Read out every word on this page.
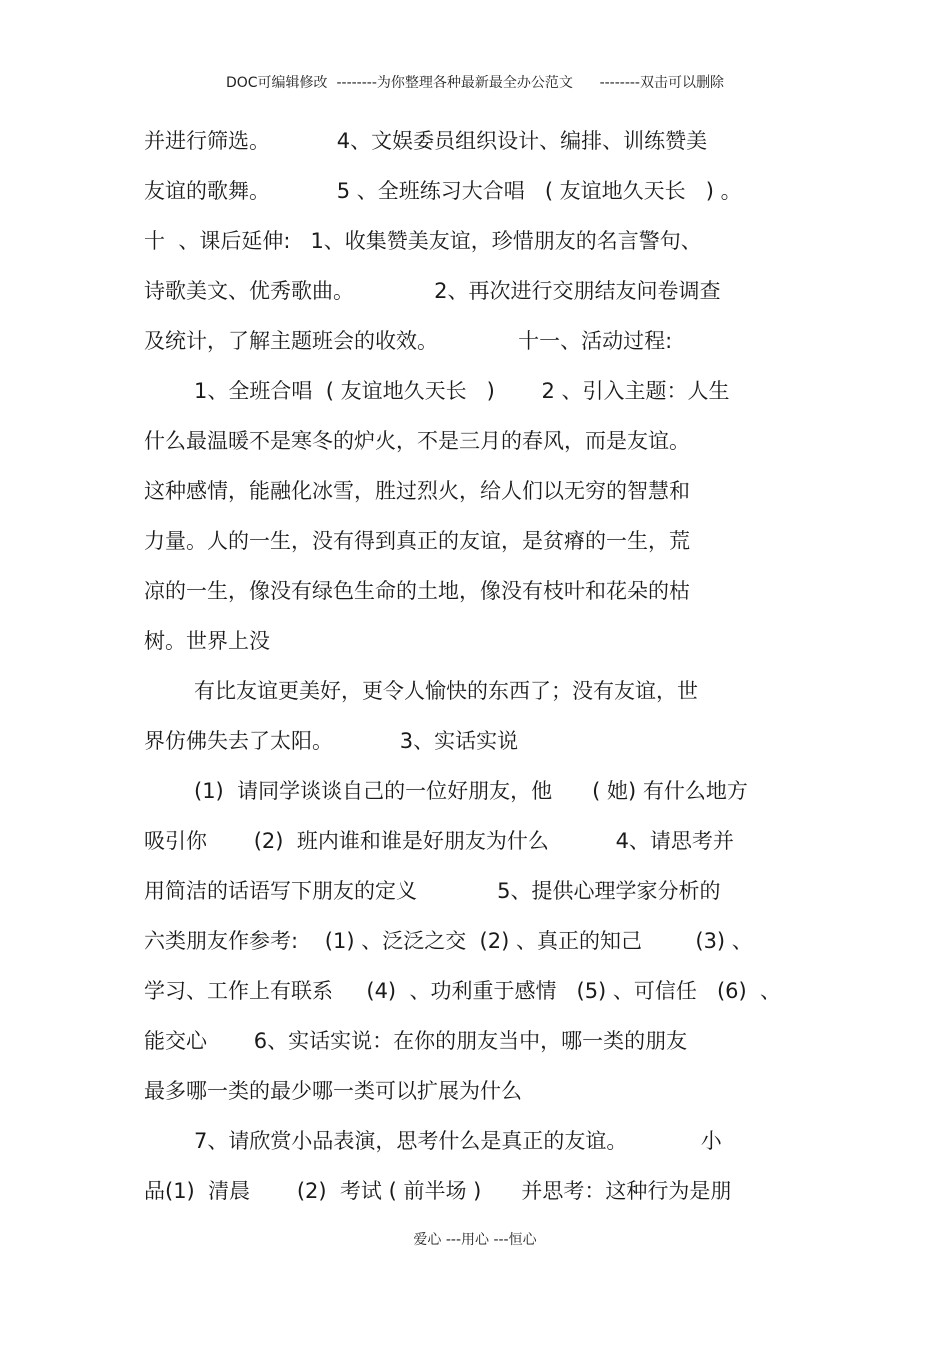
DOC可编辑修改  --------为你整理各种最新最全办公范文      --------双击可以删除
并进行筛选。          4、文娱委员组织设计、编排、训练赞美
友谊的歌舞。          5 、全班练习大合唱   ( 友谊地久天长   ) 。
十  、课后延伸:   1、收集赞美友谊，珍惜朋友的名言警句、
诗歌美文、优秀歌曲。            2、再次进行交朋结友问卷调查
及统计，了解主题班会的收效。            十一、活动过程:
1、全班合唱  ( 友谊地久天长   )       2 、引入主题：人生
什么最温暖不是寒冬的炉火，不是三月的春风，而是友谊。
这种感情，能融化冰雪，胜过烈火，给人们以无穷的智慧和
力量。人的一生，没有得到真正的友谊，是贫瘠的一生，荒
凉的一生，像没有绿色生命的土地，像没有枝叶和花朵的枯
树。世界上没
有比友谊更美好，更令人愉快的东西了；没有友谊，世
界仿佛失去了太阳。          3、实话实说
(1)  请同学谈谈自己的一位好朋友，他      ( 她) 有什么地方
吸引你       (2)  班内谁和谁是好朋友为什么          4、请思考并
用简洁的话语写下朋友的定义            5、提供心理学家分析的
六类朋友作参考:    (1) 、泛泛之交  (2) 、真正的知己        (3) 、
学习、工作上有联系     (4)  、功利重于感情   (5) 、可信任   (6)  、
能交心       6、实话实说：在你的朋友当中，哪一类的朋友
最多哪一类的最少哪一类可以扩展为什么
7、请欣赏小品表演，思考什么是真正的友谊。           小
品(1)  清晨       (2)  考试 ( 前半场 )      并思考：这种行为是朋
爱心 ---用心 ---恒心
